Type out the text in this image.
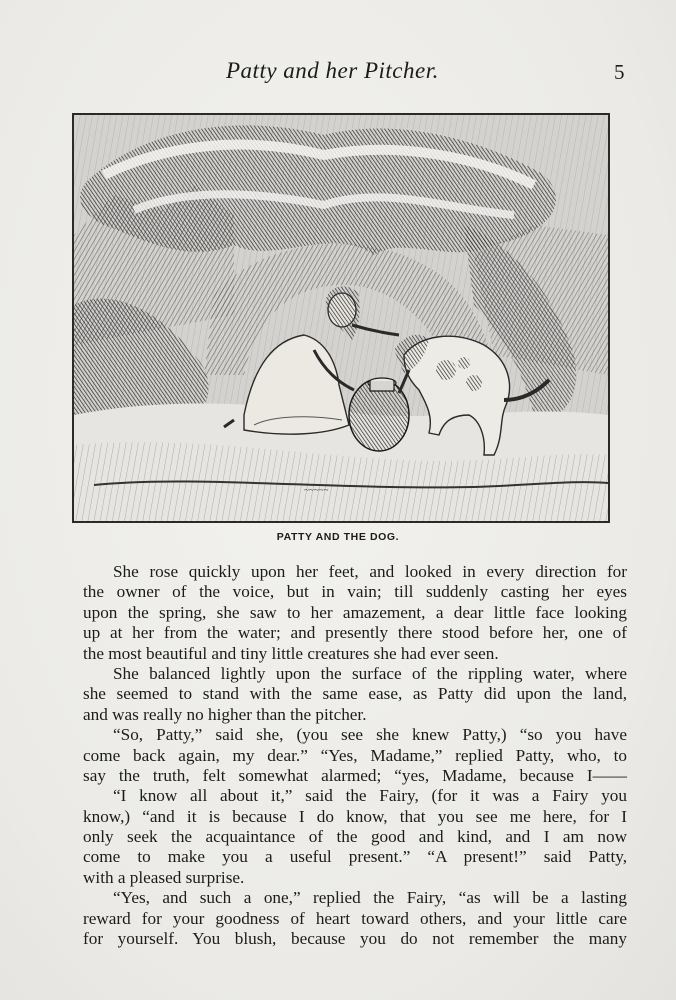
Patty and her Pitcher.	5
~~~~~
PATTY AND THE DOG.
She rose quickly upon her feet, and looked in every direction for
the owner of the voice, but in vain; till suddenly casting her eyes
upon the spring, she saw to her amazement, a dear little face looking
up at her from the water; and presently there stood before her, one of
the most beautiful and tiny little creatures she had ever seen.
She balanced lightly upon the surface of the rippling water, where
she seemed to stand with the same ease, as Patty did upon the land,
and was really no higher than the pitcher.
“So, Patty,” said she, (you see she knew Patty,) “so you have
come back again, my dear.” “Yes, Madame,” replied Patty, who, to
say the truth, felt somewhat alarmed; “yes, Madame, because I——
“I know all about it,” said the Fairy, (for it was a Fairy you
know,) “and it is because I do know, that you see me here, for I
only seek the acquaintance of the good and kind, and I am now
come to make you a useful present.” “A present!” said Patty,
with a pleased surprise.
“Yes, and such a one,” replied the Fairy, “as will be a lasting
reward for your goodness of heart toward others, and your little care
for yourself. You blush, because you do not remember the many
